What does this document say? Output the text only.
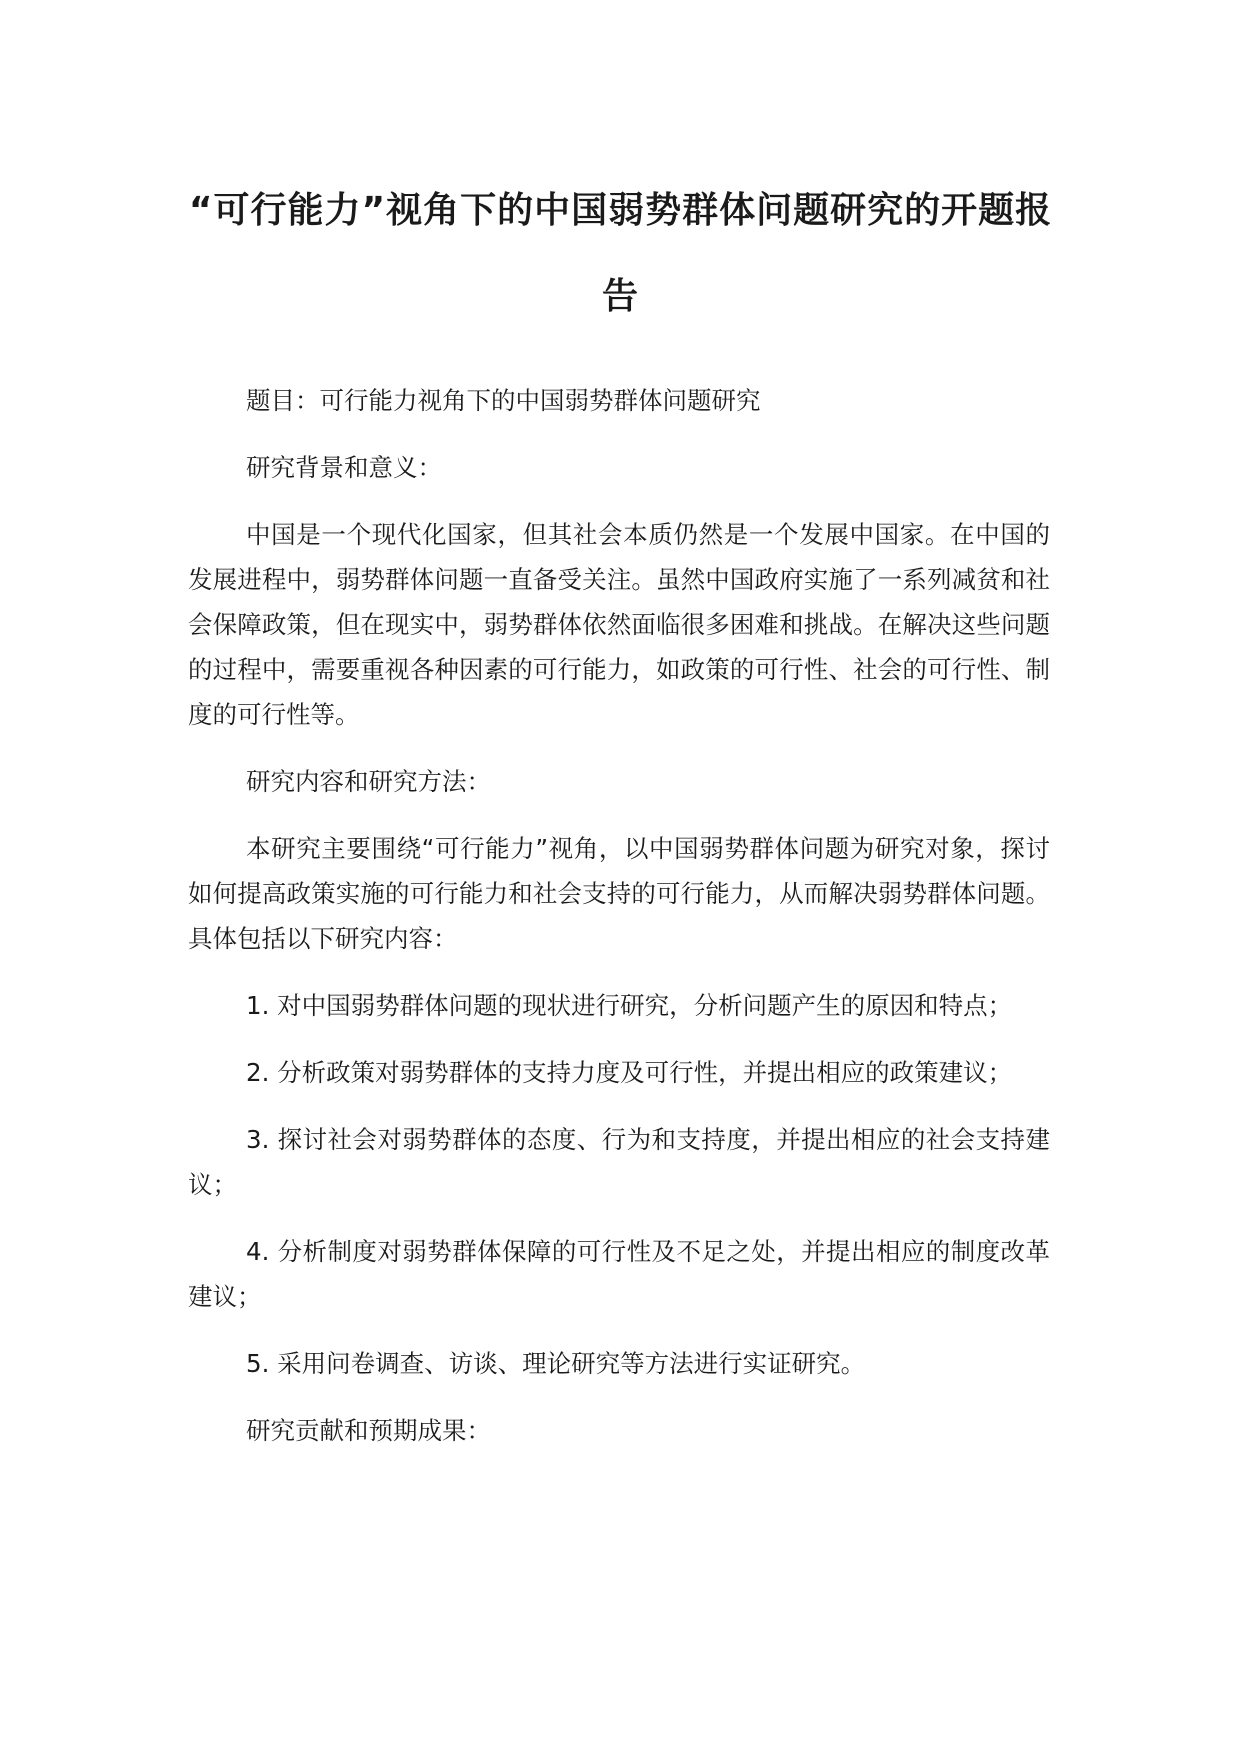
“可行能力”视角下的中国弱势群体问题研究的开题报告

题目：可行能力视角下的中国弱势群体问题研究

研究背景和意义：

中国是一个现代化国家，但其社会本质仍然是一个发展中国家。在中国的发展进程中，弱势群体问题一直备受关注。虽然中国政府实施了一系列减贫和社会保障政策，但在现实中，弱势群体依然面临很多困难和挑战。在解决这些问题的过程中，需要重视各种因素的可行能力，如政策的可行性、社会的可行性、制度的可行性等。

研究内容和研究方法：

本研究主要围绕“可行能力”视角，以中国弱势群体问题为研究对象，探讨如何提高政策实施的可行能力和社会支持的可行能力，从而解决弱势群体问题。具体包括以下研究内容：

1. 对中国弱势群体问题的现状进行研究，分析问题产生的原因和特点；

2. 分析政策对弱势群体的支持力度及可行性，并提出相应的政策建议；

3. 探讨社会对弱势群体的态度、行为和支持度，并提出相应的社会支持建议；

4. 分析制度对弱势群体保障的可行性及不足之处，并提出相应的制度改革建议；

5. 采用问卷调查、访谈、理论研究等方法进行实证研究。

研究贡献和预期成果：
